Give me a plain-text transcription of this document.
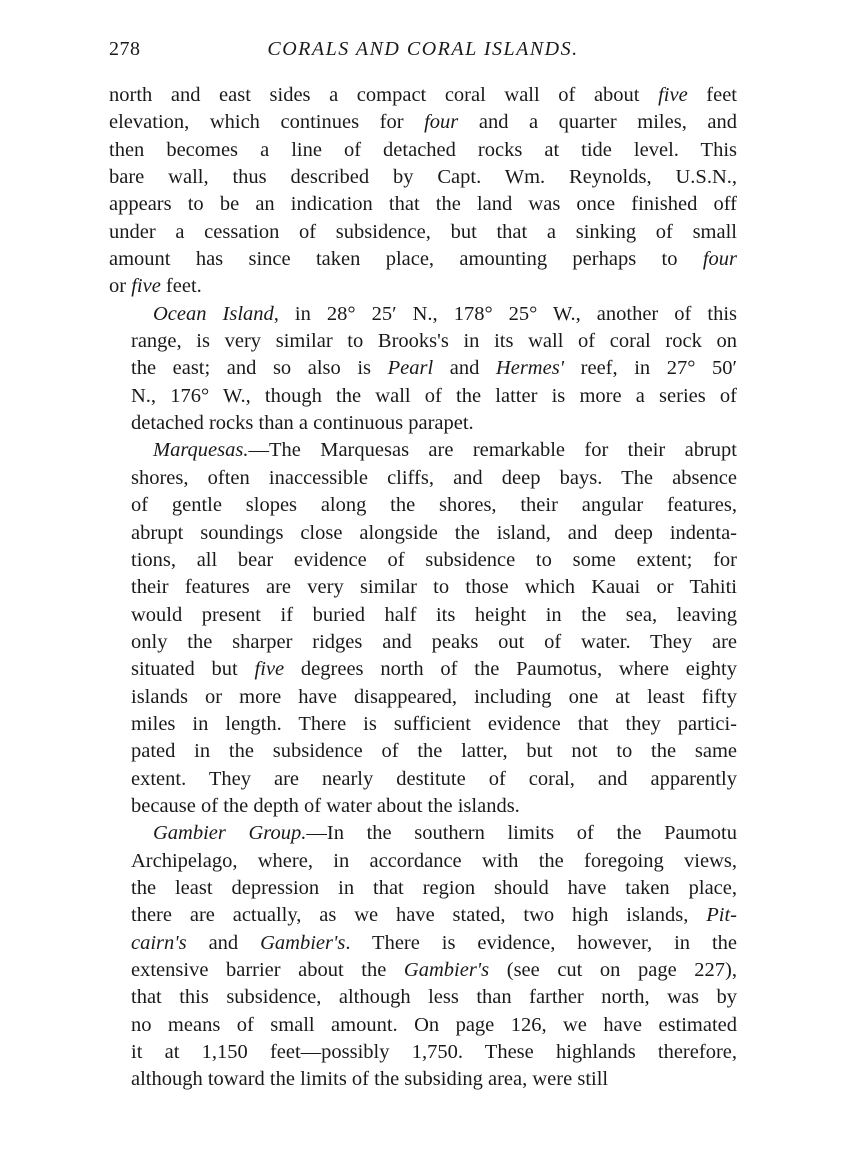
278	CORALS AND CORAL ISLANDS.
north and east sides a compact coral wall of about five feet
elevation, which continues for four and a quarter miles, and
then becomes a line of detached rocks at tide level. This
bare wall, thus described by Capt. Wm. Reynolds, U.S.N.,
appears to be an indication that the land was once finished off
under a cessation of subsidence, but that a sinking of small
amount has since taken place, amounting perhaps to four
or five feet.
Ocean Island, in 28° 25′ N., 178° 25° W., another of this
range, is very similar to Brooks's in its wall of coral rock on
the east; and so also is Pearl and Hermes' reef, in 27° 50′
N., 176° W., though the wall of the latter is more a series of
detached rocks than a continuous parapet.
Marquesas.—The Marquesas are remarkable for their abrupt
shores, often inaccessible cliffs, and deep bays. The absence
of gentle slopes along the shores, their angular features,
abrupt soundings close alongside the island, and deep indenta-
tions, all bear evidence of subsidence to some extent; for
their features are very similar to those which Kauai or Tahiti
would present if buried half its height in the sea, leaving
only the sharper ridges and peaks out of water. They are
situated but five degrees north of the Paumotus, where eighty
islands or more have disappeared, including one at least fifty
miles in length. There is sufficient evidence that they partici-
pated in the subsidence of the latter, but not to the same
extent. They are nearly destitute of coral, and apparently
because of the depth of water about the islands.
Gambier Group.—In the southern limits of the Paumotu
Archipelago, where, in accordance with the foregoing views,
the least depression in that region should have taken place,
there are actually, as we have stated, two high islands, Pit-
cairn's and Gambier's. There is evidence, however, in the
extensive barrier about the Gambier's (see cut on page 227),
that this subsidence, although less than farther north, was by
no means of small amount. On page 126, we have estimated
it at 1,150 feet—possibly 1,750. These highlands therefore,
although toward the limits of the subsiding area, were still
